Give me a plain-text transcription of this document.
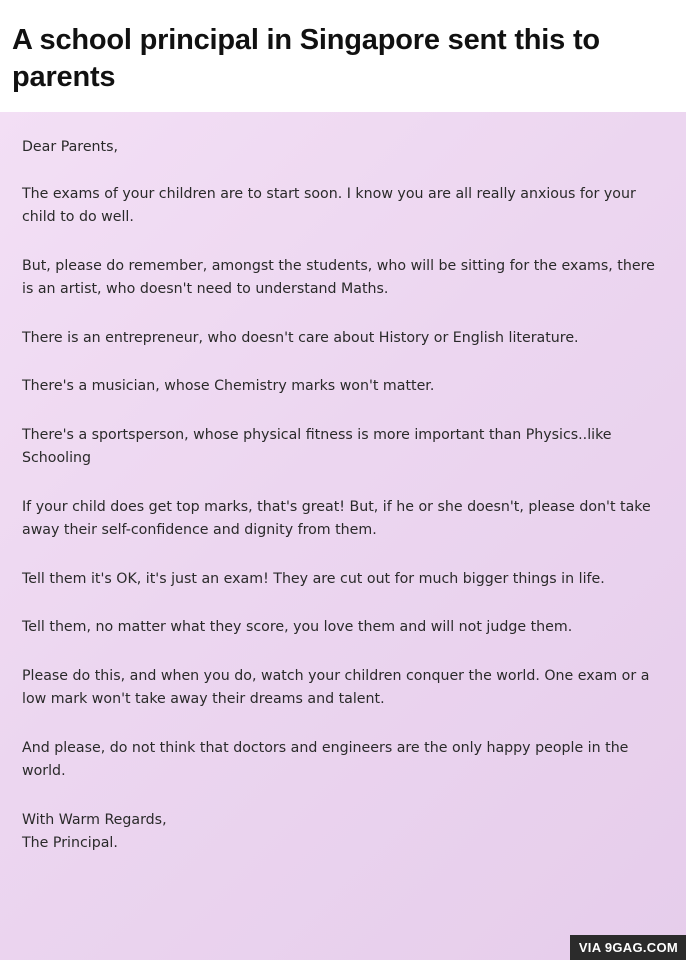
A school principal in Singapore sent this to parents

Dear Parents,

The exams of your children are to start soon. I know you are all really anxious for your child to do well.

But, please do remember, amongst the students, who will be sitting for the exams, there is an artist, who doesn't need to understand Maths.

There is an entrepreneur, who doesn't care about History or English literature.

There's a musician, whose Chemistry marks won't matter.

There's a sportsperson, whose physical fitness is more important than Physics..like Schooling

If your child does get top marks, that's great! But, if he or she doesn't, please don't take away their self-confidence and dignity from them.

Tell them it's OK, it's just an exam! They are cut out for much bigger things in life.

Tell them, no matter what they score, you love them and will not judge them.

Please do this, and when you do, watch your children conquer the world. One exam or a low mark won't take away their dreams and talent.

And please, do not think that doctors and engineers are the only happy people in the world.

With Warm Regards,

The Principal.

VIA 9GAG.COM
